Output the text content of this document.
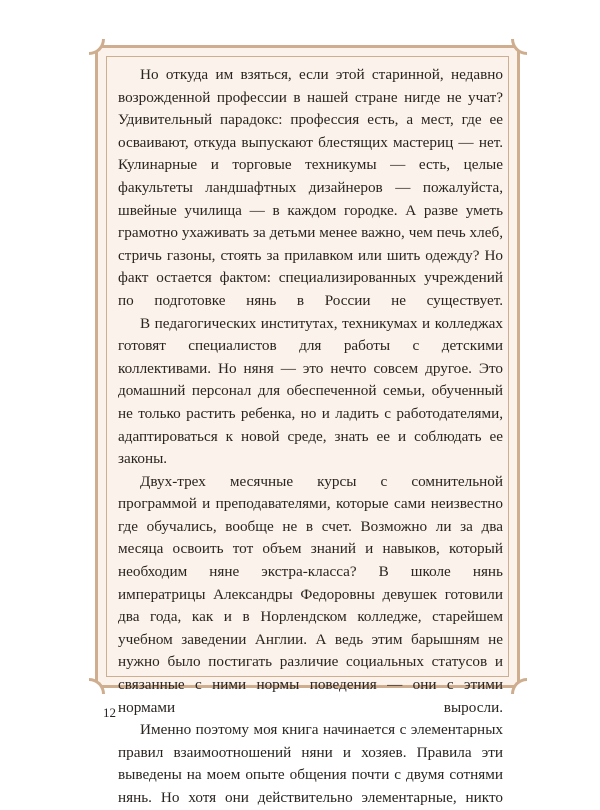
Но откуда им взяться, если этой старинной, недавно возрожденной профессии в нашей стране нигде не учат? Удивительный парадокс: профессия есть, а мест, где ее осваивают, откуда выпускают блестящих мастериц — нет. Кулинарные и торговые техникумы — есть, целые факультеты ландшафтных дизайнеров — пожалуйста, швейные училища — в каждом городке. А разве уметь грамотно ухаживать за детьми менее важно, чем печь хлеб, стричь газоны, стоять за прилавком или шить одежду? Но факт остается фактом: специализированных учреждений по подготовке нянь в России не существует.

В педагогических институтах, техникумах и колледжах готовят специалистов для работы с детскими коллективами. Но няня — это нечто совсем другое. Это домашний персонал для обеспеченной семьи, обученный не только растить ребенка, но и ладить с работодателями, адаптироваться к новой среде, знать ее и соблюдать ее законы.

Двух-трех месячные курсы с сомнительной программой и преподавателями, которые сами неизвестно где обучались, вообще не в счет. Возможно ли за два месяца освоить тот объем знаний и навыков, который необходим няне экстра-класса? В школе нянь императрицы Александры Федоровны девушек готовили два года, как и в Норлендском колледже, старейшем учебном заведении Англии. А ведь этим барышням не нужно было постигать различие социальных статусов и связанные с ними нормы поведения — они с этими нормами выросли.

Именно поэтому моя книга начинается с элементарных правил взаимоотношений няни и хозяев. Правила эти выведены на моем опыте общения почти с двумя сотнями нянь. Но хотя они действительно элементарные, никто

12
